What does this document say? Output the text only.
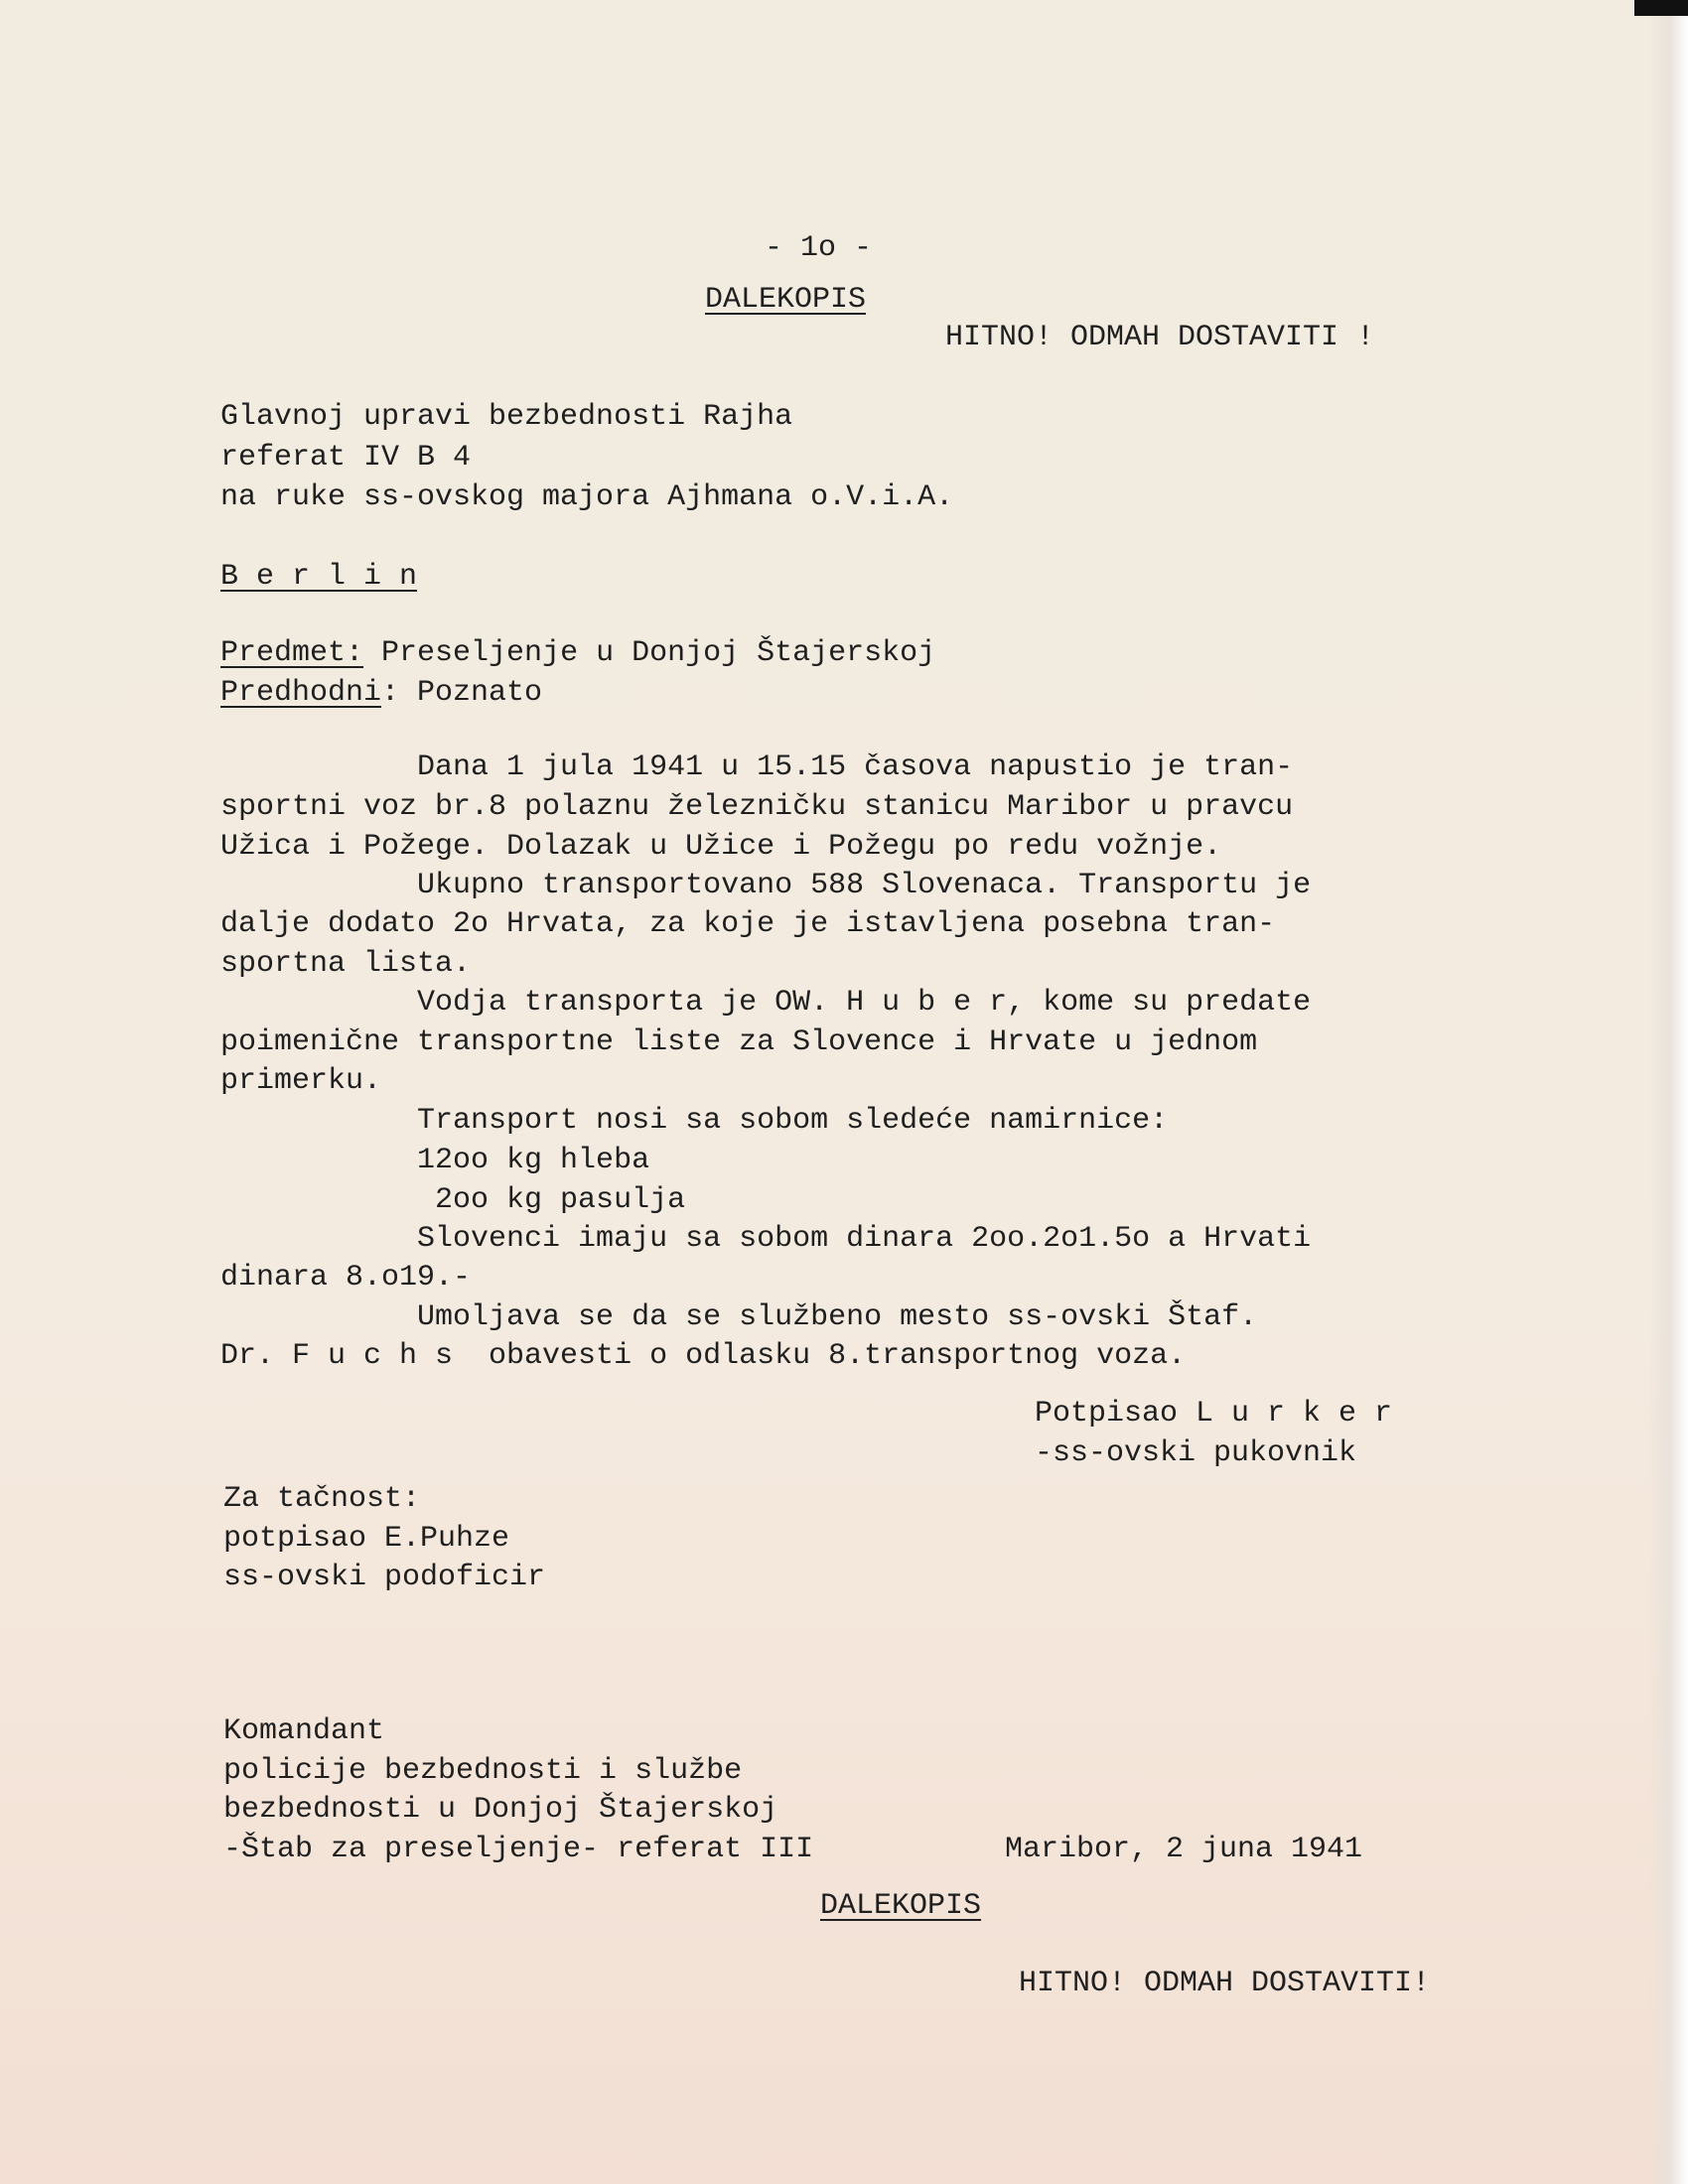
- 1o -
DALEKOPIS
HITNO! ODMAH DOSTAVITI !
Glavnoj upravi bezbednosti Rajha
referat IV B 4
na ruke ss-ovskog majora Ajhmana o.V.i.A.
B e r l i n
Predmet: Preseljenje u Donjoj Štajerskoj
Predhodni: Poznato
Dana 1 jula 1941 u 15.15 časova napustio je tran-
sportni voz br.8 polaznu železničku stanicu Maribor u pravcu
Užica i Požege. Dolazak u Užice i Požegu po redu vožnje.
Ukupno transportovano 588 Slovenaca. Transportu je
dalje dodato 2o Hrvata, za koje je istavljena posebna tran-
sportna lista.
Vodja transporta je OW. H u b e r, kome su predate
poimenične transportne liste za Slovence i Hrvate u jednom
primerku.
Transport nosi sa sobom sledeće namirnice:
12oo kg hleba
2oo kg pasulja
Slovenci imaju sa sobom dinara 2oo.2o1.5o a Hrvati
dinara 8.o19.-
Umoljava se da se službeno mesto ss-ovski Štaf.
Dr. F u c h s  obavesti o odlasku 8.transportnog voza.
Potpisao L u r k e r
-ss-ovski pukovnik
Za tačnost:
potpisao E.Puhze
ss-ovski podoficir
Komandant
policije bezbednosti i službe
bezbednosti u Donjoj Štajerskoj
-Štab za preseljenje- referat III	Maribor, 2 juna 1941
DALEKOPIS
HITNO! ODMAH DOSTAVITI!
